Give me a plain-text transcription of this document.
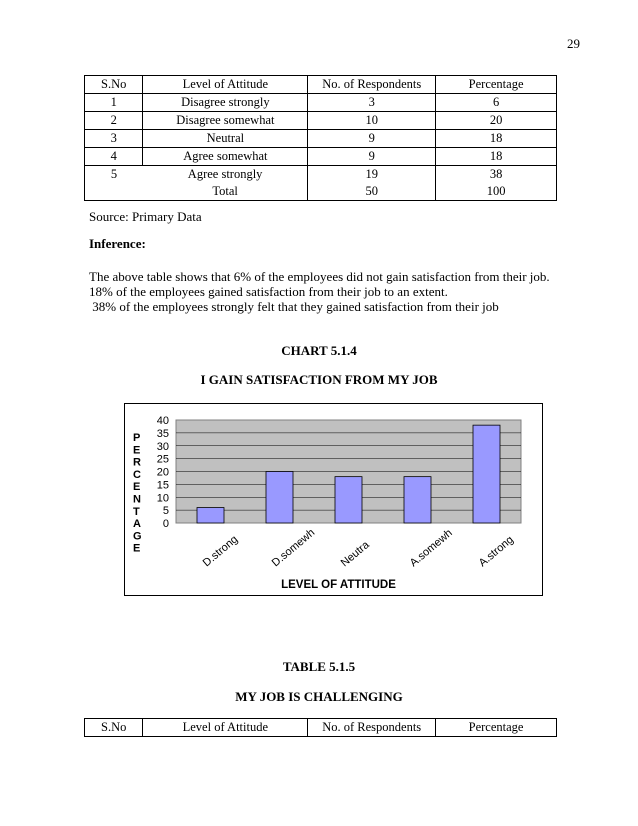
29
S.No	Level of Attitude	No. of Respondents	Percentage
1	Disagree strongly	3	6
2	Disagree somewhat	10	20
3	Neutral	9	18
4	Agree somewhat	9	18
5	Agree strongly	19	38
	Total	50	100
Source: Primary Data
Inference:
The above table shows that 6% of the employees did not gain satisfaction from their job.
18% of the employees gained satisfaction from their job to an extent.
38% of the employees strongly felt that they gained satisfaction from their job
CHART 5.1.4
I GAIN SATISFACTION FROM MY JOB
0
5
10
15
20
25
30
35
40
D.strong	D.somewh Neutra	A.somewh A.strong
P
E
R
C
E
N
T
A
G
E
LEVEL OF ATTITUDE
TABLE 5.1.5
MY JOB IS CHALLENGING
S.No	Level of Attitude	No. of Respondents	Percentage
